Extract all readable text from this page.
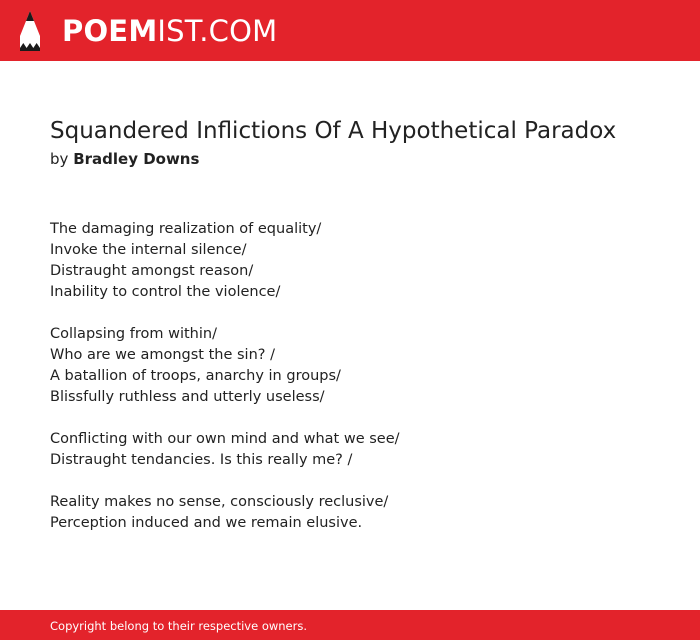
POEMIST.COM
Squandered Inflictions Of A Hypothetical Paradox
by Bradley Downs
The damaging realization of equality/
Invoke the internal silence/
Distraught amongst reason/
Inability to control the violence/
Collapsing from within/
Who are we amongst the sin? /
A batallion of troops, anarchy in groups/
Blissfully ruthless and utterly useless/
Conflicting with our own mind and what we see/
Distraught tendancies. Is this really me? /
Reality makes no sense, consciously reclusive/
Perception induced and we remain elusive.
Copyright belong to their respective owners.
